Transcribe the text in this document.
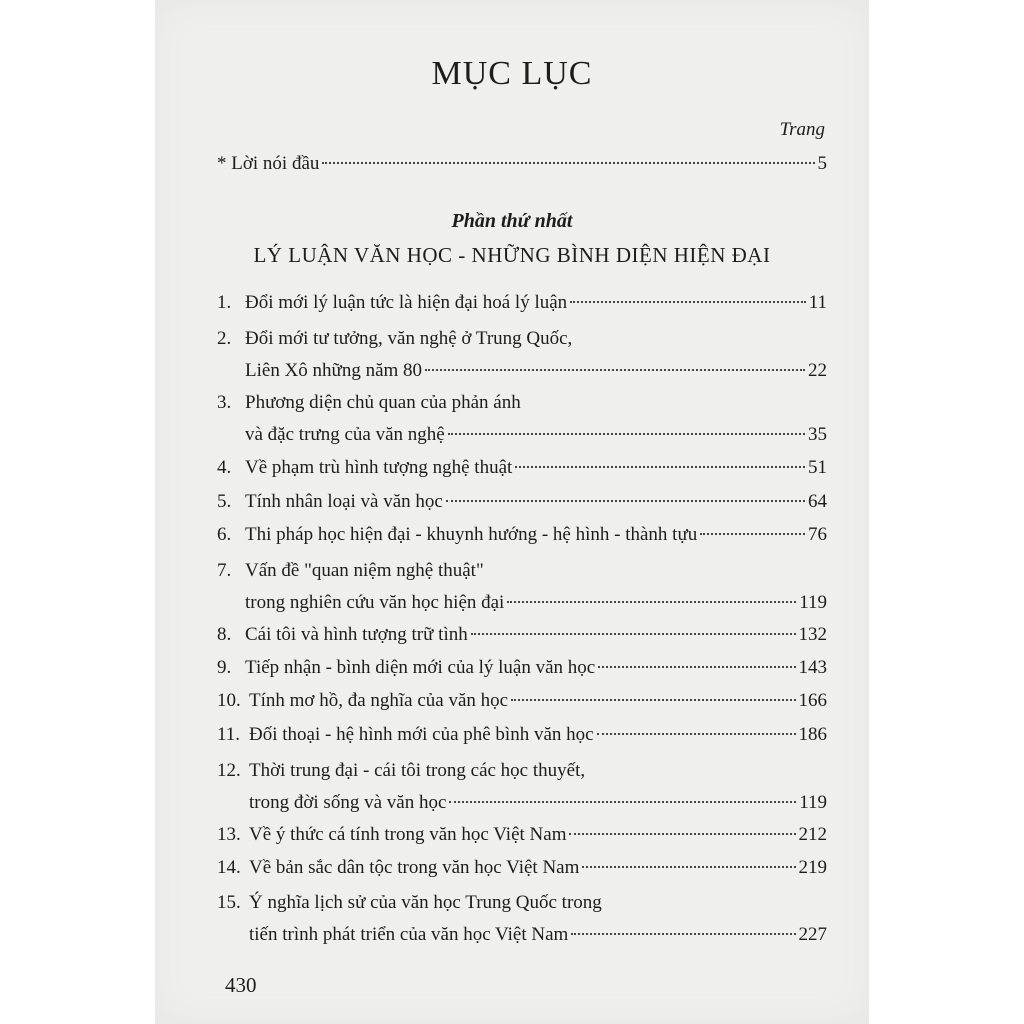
MỤC LỤC
Trang
* Lời nói đầu	5
Phần thứ nhất
LÝ LUẬN VĂN HỌC - NHỮNG BÌNH DIỆN HIỆN ĐẠI
1. Đổi mới lý luận tức là hiện đại hoá lý luận	11
2. Đổi mới tư tưởng, văn nghệ ở Trung Quốc,
Liên Xô những năm 80	22
3. Phương diện chủ quan của phản ánh
và đặc trưng của văn nghệ	35
4. Về phạm trù hình tượng nghệ thuật	51
5. Tính nhân loại và văn học	64
6. Thi pháp học hiện đại - khuynh hướng - hệ hình - thành tựu	76
7. Vấn đề "quan niệm nghệ thuật"
trong nghiên cứu văn học hiện đại	119
8. Cái tôi và hình tượng trữ tình	132
9. Tiếp nhận - bình diện mới của lý luận văn học	143
10. Tính mơ hồ, đa nghĩa của văn học	166
11. Đối thoại - hệ hình mới của phê bình văn học	186
12. Thời trung đại - cái tôi trong các học thuyết,
trong đời sống và văn học	119
13. Về ý thức cá tính trong văn học Việt Nam	212
14. Về bản sắc dân tộc trong văn học Việt Nam	219
15. Ý nghĩa lịch sử của văn học Trung Quốc trong
tiến trình phát triển của văn học Việt Nam	227
430
